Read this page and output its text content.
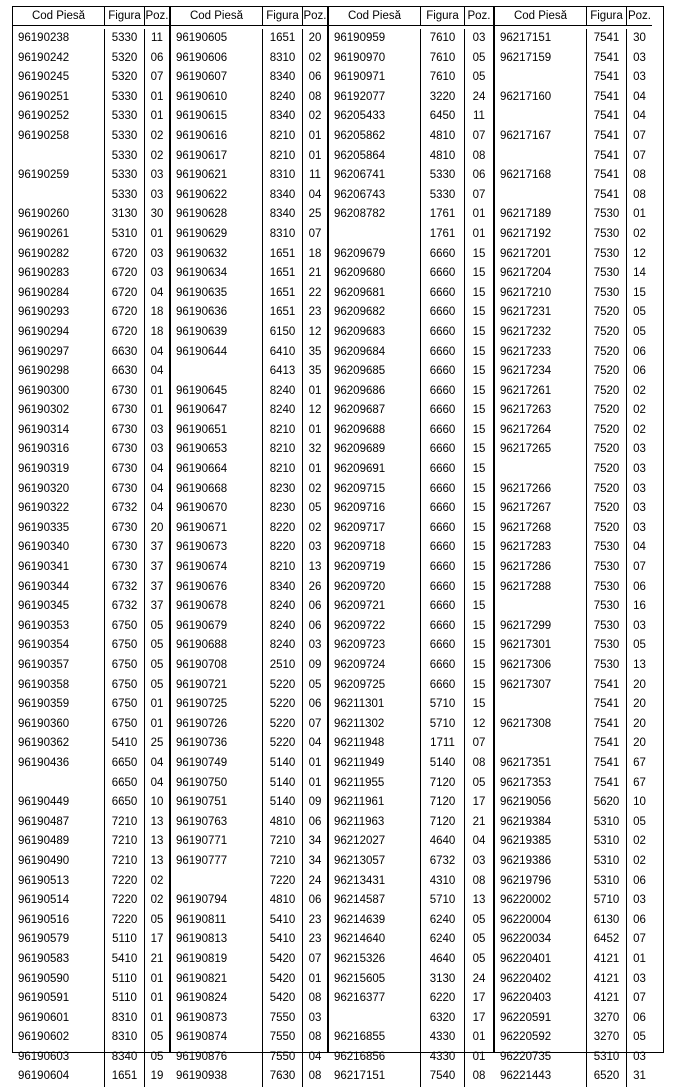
Cod Piesă	Figura Poz.
96190238	5330	11
96190242	5320	06
96190245	5320	07
96190251	5330	01
96190252	5330	01
96190258	5330	02
5330	02
96190259	5330	03
5330	03
96190260	3130	30
96190261	5310	01
96190282	6720	03
96190283	6720	03
96190284	6720	04
96190293	6720	18
96190294	6720	18
96190297	6630	04
96190298	6630	04
96190300	6730	01
96190302	6730	01
96190314	6730	03
96190316	6730	03
96190319	6730	04
96190320	6730	04
96190322	6732	04
96190335	6730	20
96190340	6730	37
96190341	6730	37
96190344	6732	37
96190345	6732	37
96190353	6750	05
96190354	6750	05
96190357	6750	05
96190358	6750	05
96190359	6750	01
96190360	6750	01
96190362	5410	25
96190436	6650	04
6650	04
96190449	6650	10
96190487	7210	13
96190489	7210	13
96190490	7210	13
96190513	7220	02
96190514	7220	02
96190516	7220	05
96190579	5110	17
96190583	5410	21
96190590	5110	01
96190591	5110	01
96190601	8310	01
96190602	8310	05
96190603	8340	05
96190604	1651	19
Cod Piesă	Figura Poz.
96190605	1651	20
96190606	8310	02
96190607	8340	06
96190610	8240	08
96190615	8340	02
96190616	8210	01
96190617	8210	01
96190621	8310	11
96190622	8340	04
96190628	8340	25
96190629	8310	07
96190632	1651	18
96190634	1651	21
96190635	1651	22
96190636	1651	23
96190639	6150	12
96190644	6410	35
6413	35
96190645	8240	01
96190647	8240	12
96190651	8210	01
96190653	8210	32
96190664	8210	01
96190668	8230	02
96190670	8230	05
96190671	8220	02
96190673	8220	03
96190674	8210	13
96190676	8340	26
96190678	8240	06
96190679	8240	06
96190688	8240	03
96190708	2510	09
96190721	5220	05
96190725	5220	06
96190726	5220	07
96190736	5220	04
96190749	5140	01
96190750	5140	01
96190751	5140	09
96190763	4810	06
96190771	7210	34
96190777	7210	34
7220	24
96190794	4810	06
96190811	5410	23
96190813	5410	23
96190819	5420	07
96190821	5420	01
96190824	5420	08
96190873	7550	03
96190874	7550	08
96190876	7550	04
96190938	7630	08
Cod Piesă	Figura Poz.
96190959	7610	03
96190970	7610	05
96190971	7610	05
96192077	3220	24
96205433	6450	11
96205862	4810	07
96205864	4810	08
96206741	5330	06
96206743	5330	07
96208782	1761	01
1761	01
96209679	6660	15
96209680	6660	15
96209681	6660	15
96209682	6660	15
96209683	6660	15
96209684	6660	15
96209685	6660	15
96209686	6660	15
96209687	6660	15
96209688	6660	15
96209689	6660	15
96209691	6660	15
96209715	6660	15
96209716	6660	15
96209717	6660	15
96209718	6660	15
96209719	6660	15
96209720	6660	15
96209721	6660	15
96209722	6660	15
96209723	6660	15
96209724	6660	15
96209725	6660	15
96211301	5710	15
96211302	5710	12
96211948	1711	07
96211949	5140	08
96211955	7120	05
96211961	7120	17
96211963	7120	21
96212027	4640	04
96213057	6732	03
96213431	4310	08
96214587	5710	13
96214639	6240	05
96214640	6240	05
96215326	4640	05
96215605	3130	24
96216377	6220	17
6320	17
96216855	4330	01
96216856	4330	01
96217151	7540	08
Cod Piesă	Figura Poz.
96217151	7541	30
96217159	7541	03
7541	03
96217160	7541	04
7541	04
96217167	7541	07
7541	07
96217168	7541	08
7541	08
96217189	7530	01
96217192	7530	02
96217201	7530	12
96217204	7530	14
96217210	7530	15
96217231	7520	05
96217232	7520	05
96217233	7520	06
96217234	7520	06
96217261	7520	02
96217263	7520	02
96217264	7520	02
96217265	7520	03
7520	03
96217266	7520	03
96217267	7520	03
96217268	7520	03
96217283	7530	04
96217286	7530	07
96217288	7530	06
7530	16
96217299	7530	03
96217301	7530	05
96217306	7530	13
96217307	7541	20
7541	20
96217308	7541	20
7541	20
96217351	7541	67
96217353	7541	67
96219056	5620	10
96219384	5310	05
96219385	5310	02
96219386	5310	02
96219796	5310	06
96220002	5710	03
96220004	6130	06
96220034	6452	07
96220401	4121	01
96220402	4121	03
96220403	4121	07
96220591	3270	06
96220592	3270	05
96220735	5310	03
96221443	6520	31
